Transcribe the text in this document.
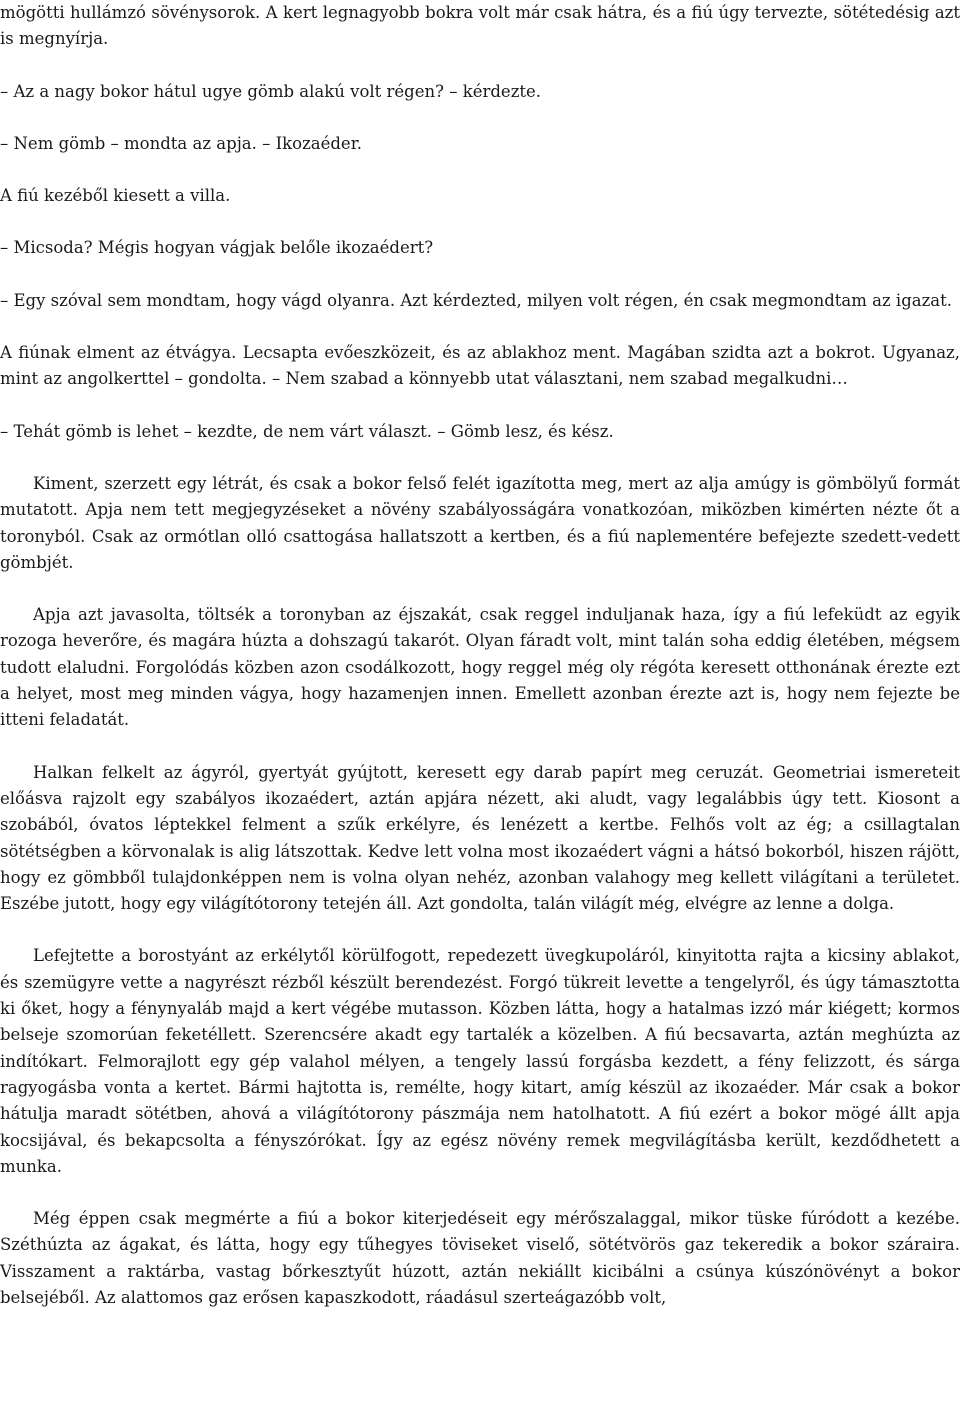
mögötti hullámzó sövénysorok. A kert legnagyobb bokra volt már csak hátra, és a fiú úgy tervezte, sötétedésig azt is megnyírja.

– Az a nagy bokor hátul ugye gömb alakú volt régen? – kérdezte.

– Nem gömb – mondta az apja. – Ikozaéder.

A fiú kezéből kiesett a villa.

– Micsoda? Mégis hogyan vágjak belőle ikozaédert?

– Egy szóval sem mondtam, hogy vágd olyanra. Azt kérdezted, milyen volt régen, én csak megmondtam az igazat.

A fiúnak elment az étvágya. Lecsapta evőeszközeit, és az ablakhoz ment. Magában szidta azt a bokrot. Ugyanaz, mint az angolkerttel – gondolta. – Nem szabad a könnyebb utat választani, nem szabad megalkudni…

– Tehát gömb is lehet – kezdte, de nem várt választ. – Gömb lesz, és kész.

Kiment, szerzett egy létrát, és csak a bokor felső felét igazította meg, mert az alja amúgy is gömbölyű formát mutatott. Apja nem tett megjegyzéseket a növény szabályosságára vonatkozóan, miközben kimérten nézte őt a toronyból. Csak az ormótlan olló csattogása hallatszott a kertben, és a fiú naplementére befejezte szedett-vedett gömbjét.

Apja azt javasolta, töltsék a toronyban az éjszakát, csak reggel induljanak haza, így a fiú lefeküdt az egyik rozoga heverőre, és magára húzta a dohszagú takarót. Olyan fáradt volt, mint talán soha eddig életében, mégsem tudott elaludni. Forgolódás közben azon csodálkozott, hogy reggel még oly régóta keresett otthonának érezte ezt a helyet, most meg minden vágya, hogy hazamenjen innen. Emellett azonban érezte azt is, hogy nem fejezte be itteni feladatát.

Halkan felkelt az ágyról, gyertyát gyújtott, keresett egy darab papírt meg ceruzát. Geometriai ismereteit előásva rajzolt egy szabályos ikozaédert, aztán apjára nézett, aki aludt, vagy legalábbis úgy tett. Kiosont a szobából, óvatos léptekkel felment a szűk erkélyre, és lenézett a kertbe. Felhős volt az ég; a csillagtalan sötétségben a körvonalak is alig látszottak. Kedve lett volna most ikozaédert vágni a hátsó bokorból, hiszen rájött, hogy ez gömbből tulajdonképpen nem is volna olyan nehéz, azonban valahogy meg kellett világítani a területet. Eszébe jutott, hogy egy világítótorony tetején áll. Azt gondolta, talán világít még, elvégre az lenne a dolga.

Lefejtette a borostyánt az erkélytől körülfogott, repedezett üvegkupoláról, kinyitotta rajta a kicsiny ablakot, és szemügyre vette a nagyrészt rézből készült berendezést. Forgó tükreit levette a tengelyről, és úgy támasztotta ki őket, hogy a fénynyaláb majd a kert végébe mutasson. Közben látta, hogy a hatalmas izzó már kiégett; kormos belseje szomorúan feketéllett. Szerencsére akadt egy tartalék a közelben. A fiú becsavarta, aztán meghúzta az indítókart. Felmorajlott egy gép valahol mélyen, a tengely lassú forgásba kezdett, a fény felizzott, és sárga ragyogásba vonta a kertet. Bármi hajtotta is, remélte, hogy kitart, amíg készül az ikozaéder. Már csak a bokor hátulja maradt sötétben, ahová a világítótorony pászmája nem hatolhatott. A fiú ezért a bokor mögé állt apja kocsijával, és bekapcsolta a fényszórókat. Így az egész növény remek megvilágításba került, kezdődhetett a munka.

Még éppen csak megmérte a fiú a bokor kiterjedéseit egy mérőszalaggal, mikor tüske fúródott a kezébe. Széthúzta az ágakat, és látta, hogy egy tűhegyes töviseket viselő, sötétvörös gaz tekeredik a bokor száraira. Visszament a raktárba, vastag bőrkesztyűt húzott, aztán nekiállt kicibálni a csúnya kúszónövényt a bokor belsejéből. Az alattomos gaz erősen kapaszkodott, ráadásul szerteágazóbb volt,
